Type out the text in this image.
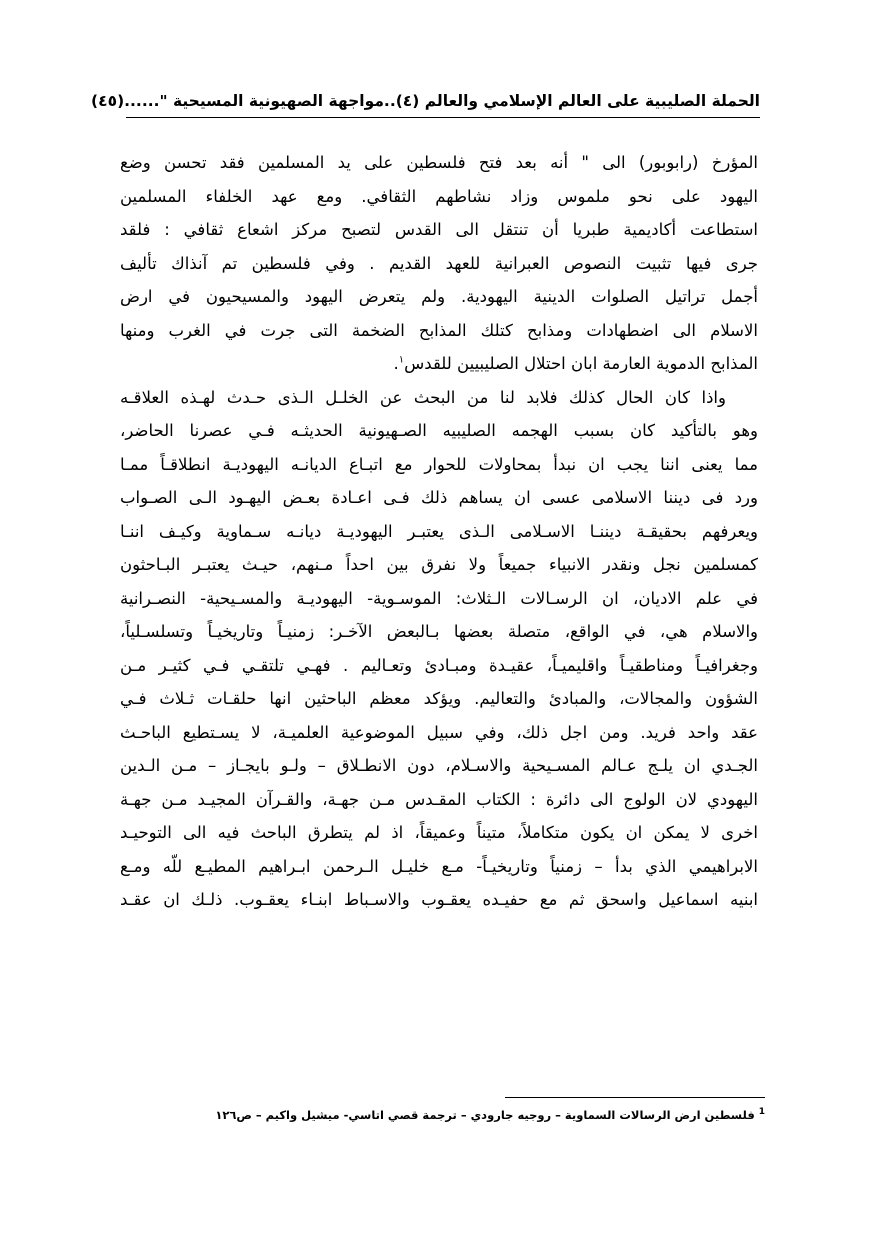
الحملة الصليبية على العالم الإسلامي والعالم (٤)..مواجهة الصهيونية المسيحية "......
(٤٥)
المؤرخ (رابوبور) الى " أنه بعد فتح فلسطين على يد المسلمين فقد تحسن وضع
اليهود على نحو ملموس وزاد نشاطهم الثقافي. ومع عهد الخلفاء المسلمين
استطاعت أكاديمية طبريا أن تنتقل الى القدس لتصبح مركز اشعاع ثقافي : فلقد
جرى فيها تثبيت النصوص العبرانية للعهد القديم . وفي فلسطين تم آنذاك تأليف
أجمل تراتيل الصلوات الدينية اليهودية. ولم يتعرض اليهود والمسيحيون في ارض
الاسلام الى اضطهادات ومذابح كتلك المذابح الضخمة التى جرت في الغرب ومنها
المذابح الدموية العارمة ابان احتلال الصليبيين للقدس$^١$.
واذا كان الحال كذلك فلابد لنا من البحث عن الخلـل الـذى حـدث لهـذه العلاقـه
وهو بالتأكيد كان بسبب الهجمه الصليبيه الصـهيونية الحديثـه فـي عصرنا الحاضر،
مما يعنى اننا يجب ان نبدأ بمحاولات للحوار مع اتبـاع الديانـه اليهوديـة انطلاقـاً ممـا
ورد فى ديننا الاسلامى عسى ان يساهم ذلك فـى اعـادة بعـض اليهـود الـى الصـواب
ويعرفهم بحقيقـة ديننـا الاسـلامى الـذى يعتبـر اليهوديـة ديانـه سـماوية وكيـف اننـا
كمسلمين نجل ونقدر الانبياء جميعاً ولا نفرق بين احداً مـنهم، حيـث يعتبـر البـاحثون
في علم الاديان، ان الرسـالات الـثلاث: الموسـوية- اليهوديـة والمسـيحية- النصـرانية
والاسلام هي، في الواقع، متصلة بعضها بـالبعض الآخـر: زمنيـاً وتاريخيـاً وتسلسـلياً،
وجغرافيـاً ومناطقيـاً واقليميـاً، عقيـدة ومبـادئ وتعـاليم . فهـي تلتقـي فـي كثيـر مـن
الشؤون والمجالات، والمبادئ والتعاليم. ويؤكد معظم الباحثين انها حلقـات ثـلاث فـي
عقد واحد فريد. ومن اجل ذلك، وفي سبيل الموضوعية العلميـة، لا يسـتطيع الباحـث
الجـدي ان يلـج عـالم المسـيحية والاسـلام، دون الانطـلاق – ولـو بايجـاز – مـن الـدين
اليهودي لان الولوج الى دائرة : الكتاب المقـدس مـن جهـة، والقـرآن المجيـد مـن جهـة
اخرى لا يمكن ان يكون متكاملاً، متيناً وعميقاً، اذ لم يتطرق الباحث فيه الى التوحيـد
الابراهيمي الذي بدأ – زمنياً وتاريخيـاً- مـع خليـل الـرحمن ابـراهيم المطيـع للّه ومـع
ابنيه اسماعيل واسحق ثم مع حفيـده يعقـوب والاسـباط ابنـاء يعقـوب. ذلـك ان عقـد
$^1$فلسطين ارض الرسالات السماوية – روجيه جارودي – ترجمة قصي اتاسي- ميشيل واكيم – ص١٢٦
